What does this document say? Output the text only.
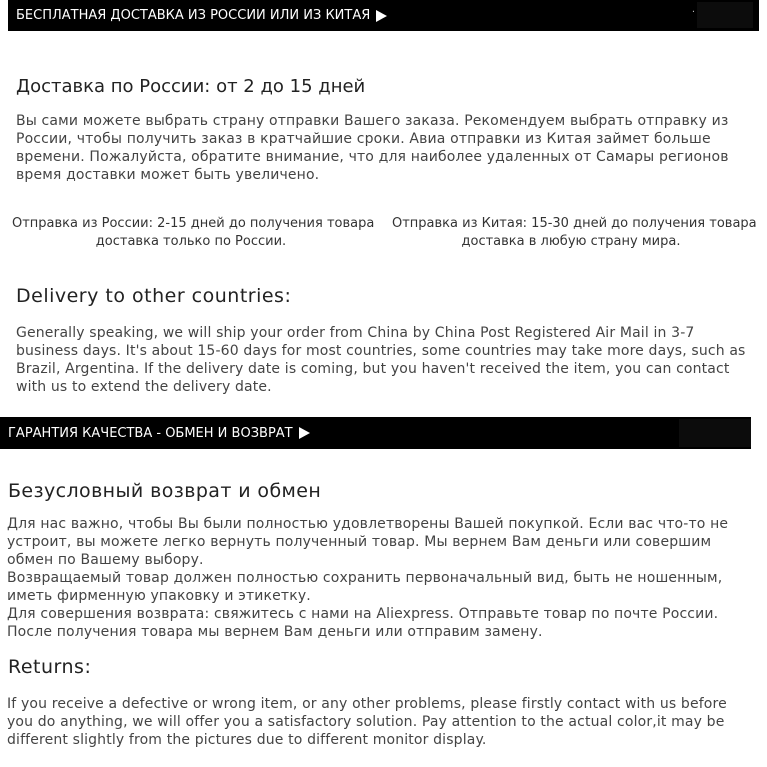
БЕСПЛАТНАЯ ДОСТАВКА ИЗ РОССИИ ИЛИ ИЗ КИТАЯ	·
Доставка по России: от 2 до 15 дней

Вы сами можете выбрать страну отправки Вашего заказа. Рекомендуем выбрать отправку из России, чтобы получить заказ в кратчайшие сроки. Авиа отправки из Китая займет больше времени. Пожалуйста, обратите внимание, что для наиболее удаленных от Самары регионов время доставки может быть увеличено.

Отправка из России: 2-15 дней до получения товара
доставка только по России.
Отправка из Китая: 15-30 дней до получения товара
доставка в любую страну мира.
Delivery to other countries:

Generally speaking, we will ship your order from China by China Post Registered Air Mail in 3-7 business days. It's about 15-60 days for most countries, some countries may take more days, such as Brazil, Argentina. If the delivery date is coming, but you haven't received the item, you can contact with us to extend the delivery date.

ГАРАНТИЯ КАЧЕСТВА - ОБМЕН И ВОЗВРАТ
Безусловный возврат и обмен

Для нас важно, чтобы Вы были полностью удовлетворены Вашей покупкой. Если вас что-то не устроит, вы можете легко вернуть полученный товар. Мы вернем Вам деньги или совершим обмен по Вашему выбору.

Возвращаемый товар должен полностью сохранить первоначальный вид, быть не ношенным, иметь фирменную упаковку и этикетку.

Для совершения возврата: свяжитесь с нами на Aliexpress. Отправьте товар по почте России.

После получения товара мы вернем Вам деньги или отправим замену.

Returns:

If you receive a defective or wrong item, or any other problems, please firstly contact with us before you do anything, we will offer you a satisfactory solution. Pay attention to the actual color,it may be different slightly from the pictures due to different monitor display.
